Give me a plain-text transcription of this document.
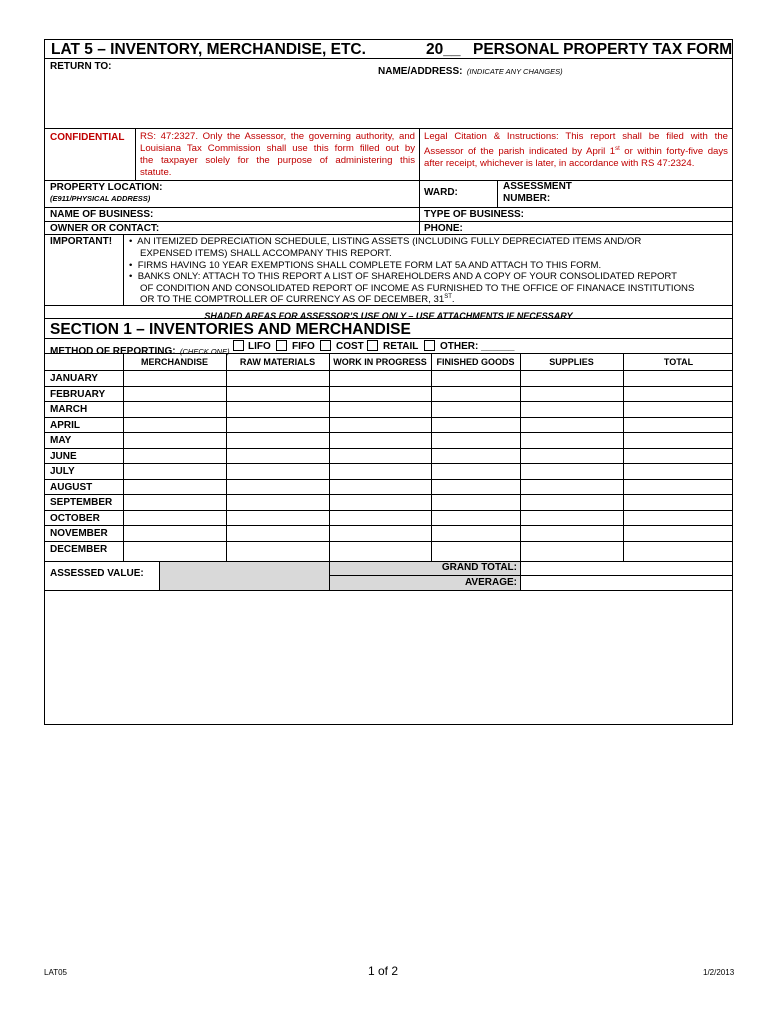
LAT 5 – INVENTORY, MERCHANDISE, ETC.	20__ PERSONAL PROPERTY TAX FORM
RETURN TO:	NAME/ADDRESS: (INDICATE ANY CHANGES)
CONFIDENTIAL RS: 47:2327. Only the Assessor, the governing authority, and
Louisiana Tax Commission shall use this form filled out by
the taxpayer solely for the purpose of administering this
statute.
Legal Citation & Instructions: This report shall be filed with the
Assessor of the parish indicated by April 1st or within forty-five days
after receipt, whichever is later, in accordance with RS 47:2324.
PROPERTY LOCATION:
(E911/PHYSICAL ADDRESS)
WARD:
ASSESSMENT
NUMBER:
NAME OF BUSINESS:	TYPE OF BUSINESS:
OWNER OR CONTACT:	PHONE:
IMPORTANT! •  AN ITEMIZED DEPRECIATION SCHEDULE, LISTING ASSETS (INCLUDING FULLY DEPRECIATED ITEMS AND/OR
EXPENSED ITEMS) SHALL ACCOMPANY THIS REPORT.
•  FIRMS HAVING 10 YEAR EXEMPTIONS SHALL COMPLETE FORM LAT 5A AND ATTACH TO THIS FORM.
•  BANKS ONLY: ATTACH TO THIS REPORT A LIST OF SHAREHOLDERS AND A COPY OF YOUR CONSOLIDATED REPORT
OF CONDITION AND CONSOLIDATED REPORT OF INCOME AS FURNISHED TO THE OFFICE OF FINANACE INSTITUTIONS
OR TO THE COMPTROLLER OF CURRENCY AS OF DECEMBER, 31ST.
SHADED AREAS FOR ASSESSOR’S USE ONLY – USE ATTACHMENTS IF NECESSARY
SECTION 1 – INVENTORIES AND MERCHANDISE
METHOD OF REPORTING: (CHECK ONE) LIFO FIFO COST RETAIL OTHER: ______
MERCHANDISE	RAW MATERIALS	WORK IN PROGRESS	FINISHED GOODS	SUPPLIES	TOTAL
JANUARY
FEBRUARY
MARCH
APRIL
MAY
JUNE
JULY
AUGUST
SEPTEMBER
OCTOBER
NOVEMBER
DECEMBER
ASSESSED VALUE:
GRAND TOTAL:
AVERAGE:
LAT05	1 of 2	1/2/2013
